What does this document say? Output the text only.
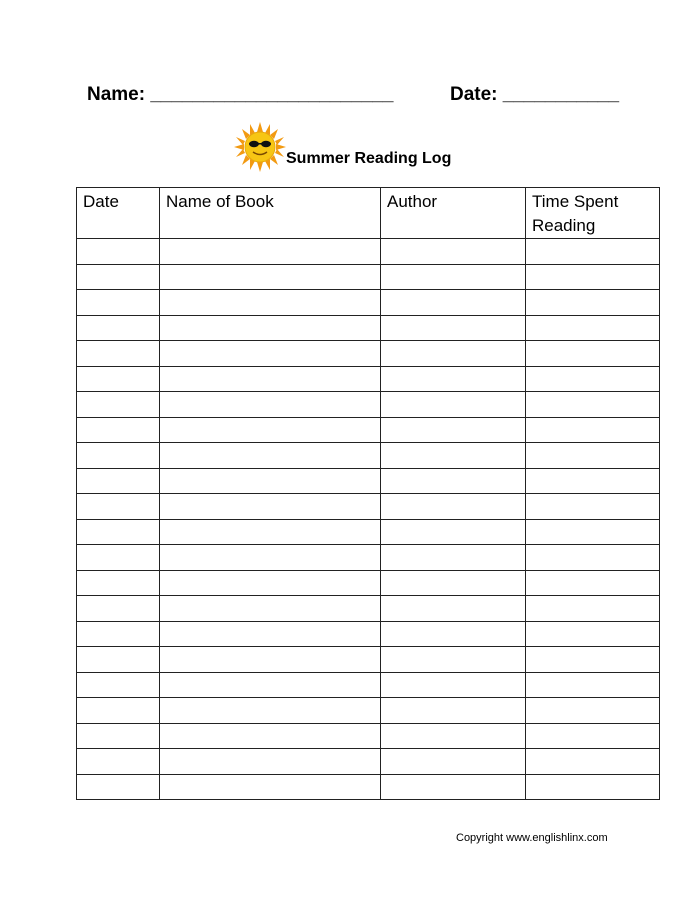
Name: _______________________	Date: ___________
Summer Reading Log
Date	Name of Book	Author	Time Spent Reading

Copyright www.englishlinx.com
